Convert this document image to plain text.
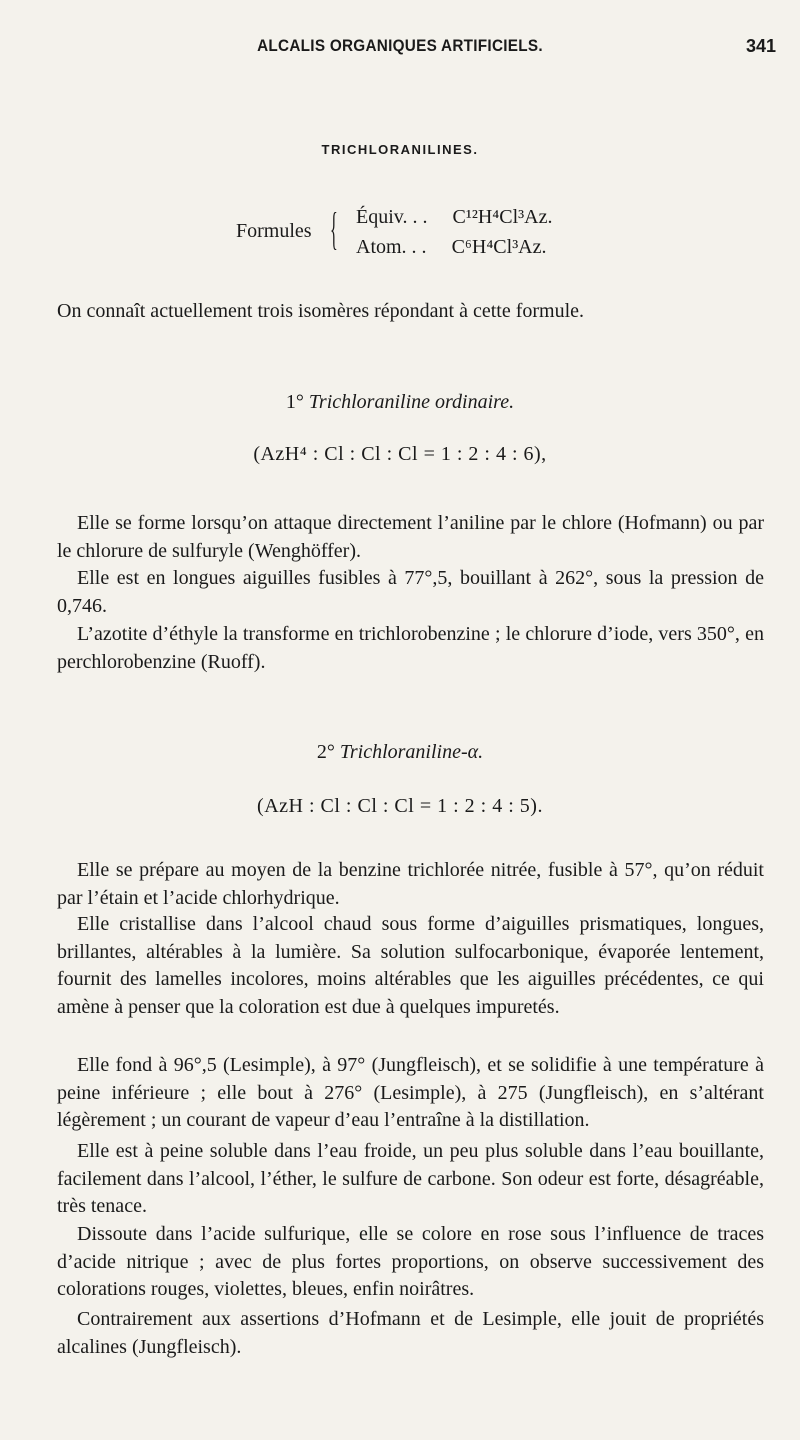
ALCALIS ORGANIQUES ARTIFICIELS.	341
TRICHLORANILINES.
Formules { Équiv. . . C¹²H⁴Cl³Az.
Atom. . . C⁶H⁴Cl³Az.
On connaît actuellement trois isomères répondant à cette formule.
1° Trichloraniline ordinaire.
(AzH⁴ : Cl : Cl : Cl = 1 : 2 : 4 : 6),
Elle se forme lorsqu’on attaque directement l’aniline par le chlore (Hofmann) ou par le chlorure de sulfuryle (Wenghöffer).
Elle est en longues aiguilles fusibles à 77°,5, bouillant à 262°, sous la pression de 0,746.
L’azotite d’éthyle la transforme en trichlorobenzine ; le chlorure d’iode, vers 350°, en perchlorobenzine (Ruoff).
2° Trichloraniline-α.
(AzH : Cl : Cl : Cl = 1 : 2 : 4 : 5).
Elle se prépare au moyen de la benzine trichlorée nitrée, fusible à 57°, qu’on réduit par l’étain et l’acide chlorhydrique.
Elle cristallise dans l’alcool chaud sous forme d’aiguilles prismatiques, longues, brillantes, altérables à la lumière. Sa solution sulfocarbonique, évaporée lentement, fournit des lamelles incolores, moins altérables que les aiguilles précédentes, ce qui amène à penser que la coloration est due à quelques impuretés.
Elle fond à 96°,5 (Lesimple), à 97° (Jungfleisch), et se solidifie à une température à peine inférieure ; elle bout à 276° (Lesimple), à 275 (Jungfleisch), en s’altérant légèrement ; un courant de vapeur d’eau l’entraîne à la distillation.
Elle est à peine soluble dans l’eau froide, un peu plus soluble dans l’eau bouillante, facilement dans l’alcool, l’éther, le sulfure de carbone. Son odeur est forte, désagréable, très tenace.
Dissoute dans l’acide sulfurique, elle se colore en rose sous l’influence de traces d’acide nitrique ; avec de plus fortes proportions, on observe successivement des colorations rouges, violettes, bleues, enfin noirâtres.
Contrairement aux assertions d’Hofmann et de Lesimple, elle jouit de propriétés alcalines (Jungfleisch).
